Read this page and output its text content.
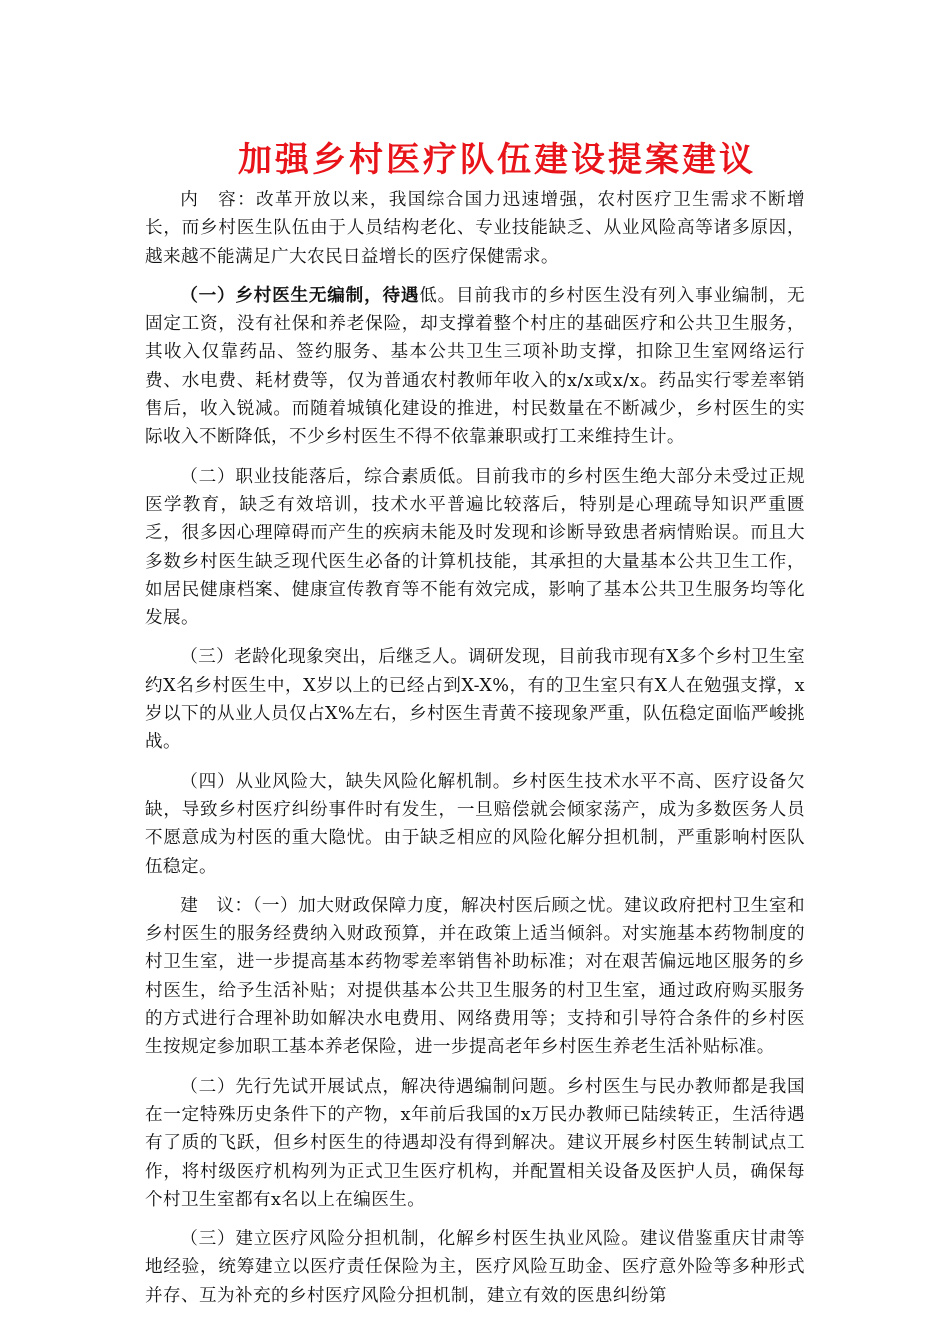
加强乡村医疗队伍建设提案建议

内　容：改革开放以来，我国综合国力迅速增强，农村医疗卫生需求不断增长，而乡村医生队伍由于人员结构老化、专业技能缺乏、从业风险高等诸多原因，越来越不能满足广大农民日益增长的医疗保健需求。

（一）乡村医生无编制，待遇低。目前我市的乡村医生没有列入事业编制，无固定工资，没有社保和养老保险，却支撑着整个村庄的基础医疗和公共卫生服务，其收入仅靠药品、签约服务、基本公共卫生三项补助支撑，扣除卫生室网络运行费、水电费、耗材费等，仅为普通农村教师年收入的x/x或x/x。药品实行零差率销售后，收入锐减。而随着城镇化建设的推进，村民数量在不断减少，乡村医生的实际收入不断降低，不少乡村医生不得不依靠兼职或打工来维持生计。

（二）职业技能落后，综合素质低。目前我市的乡村医生绝大部分未受过正规医学教育，缺乏有效培训，技术水平普遍比较落后，特别是心理疏导知识严重匮乏，很多因心理障碍而产生的疾病未能及时发现和诊断导致患者病情贻误。而且大多数乡村医生缺乏现代医生必备的计算机技能，其承担的大量基本公共卫生工作，如居民健康档案、健康宣传教育等不能有效完成，影响了基本公共卫生服务均等化发展。

（三）老龄化现象突出，后继乏人。调研发现，目前我市现有X多个乡村卫生室约X名乡村医生中，X岁以上的已经占到X-X%，有的卫生室只有X人在勉强支撑，x岁以下的从业人员仅占X%左右，乡村医生青黄不接现象严重，队伍稳定面临严峻挑战。

（四）从业风险大，缺失风险化解机制。乡村医生技术水平不高、医疗设备欠缺，导致乡村医疗纠纷事件时有发生，一旦赔偿就会倾家荡产，成为多数医务人员不愿意成为村医的重大隐忧。由于缺乏相应的风险化解分担机制，严重影响村医队伍稳定。

建　议：（一）加大财政保障力度，解决村医后顾之忧。建议政府把村卫生室和乡村医生的服务经费纳入财政预算，并在政策上适当倾斜。对实施基本药物制度的村卫生室，进一步提高基本药物零差率销售补助标准；对在艰苦偏远地区服务的乡村医生，给予生活补贴；对提供基本公共卫生服务的村卫生室，通过政府购买服务的方式进行合理补助如解决水电费用、网络费用等；支持和引导符合条件的乡村医生按规定参加职工基本养老保险，进一步提高老年乡村医生养老生活补贴标准。

（二）先行先试开展试点，解决待遇编制问题。乡村医生与民办教师都是我国在一定特殊历史条件下的产物，x年前后我国的x万民办教师已陆续转正，生活待遇有了质的飞跃，但乡村医生的待遇却没有得到解决。建议开展乡村医生转制试点工作，将村级医疗机构列为正式卫生医疗机构，并配置相关设备及医护人员，确保每个村卫生室都有x名以上在编医生。

（三）建立医疗风险分担机制，化解乡村医生执业风险。建议借鉴重庆甘肃等地经验，统筹建立以医疗责任保险为主，医疗风险互助金、医疗意外险等多种形式并存、互为补充的乡村医疗风险分担机制，建立有效的医患纠纷第
